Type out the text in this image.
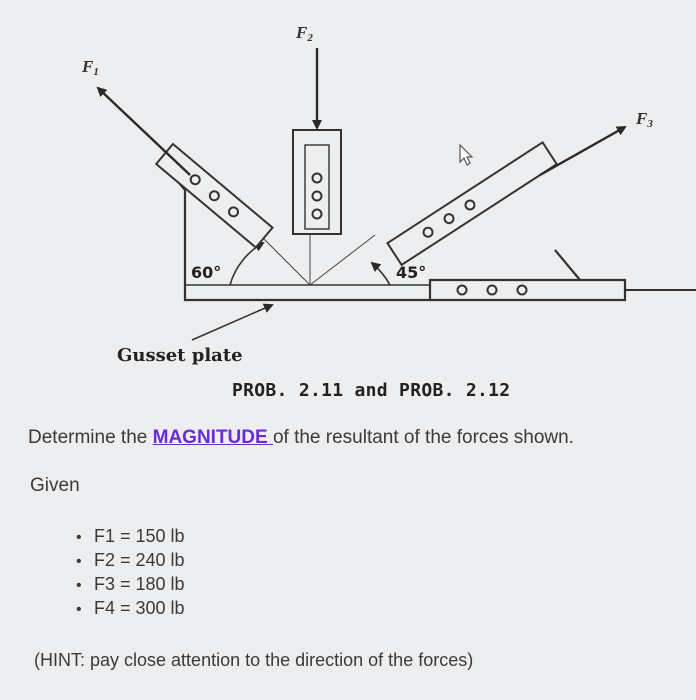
F1
F2
F3
60°	45°
Gusset plate
PROB. 2.11 and PROB. 2.12
Determine the MAGNITUDE of the resultant of the forces shown.
Given
• F1 = 150 lb
• F2 = 240 lb
• F3 = 180 lb
• F4 = 300 lb
(HINT: pay close attention to the direction of the forces)
